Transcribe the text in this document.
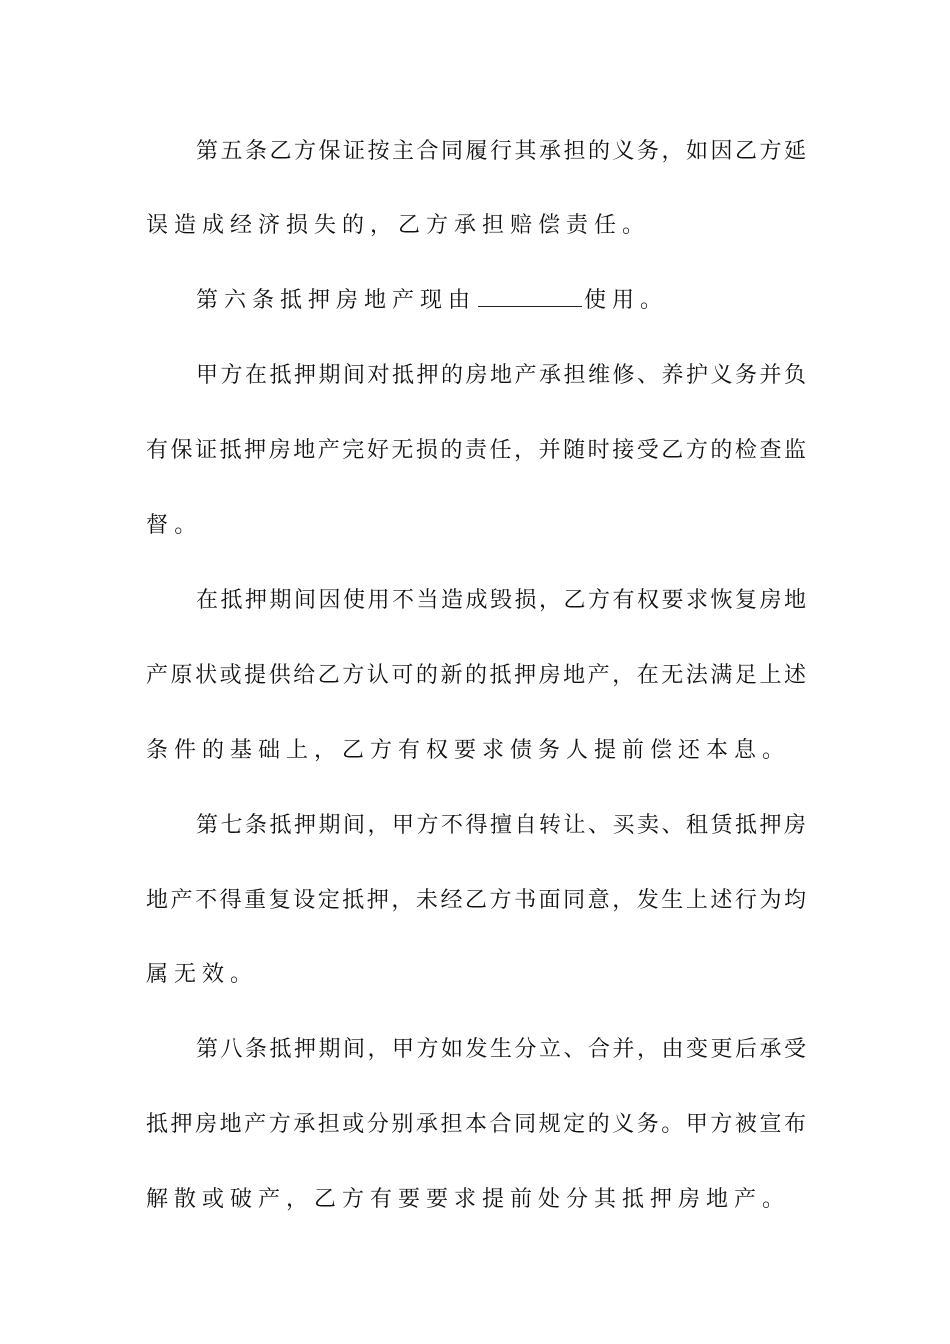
第五条乙方保证按主合同履行其承担的义务，如因乙方延
误造成经济损失的，乙方承担赔偿责任。
第六条抵押房地产现由	使用。
甲方在抵押期间对抵押的房地产承担维修、养护义务并负
有保证抵押房地产完好无损的责任，并随时接受乙方的检查监
督。
在抵押期间因使用不当造成毁损，乙方有权要求恢复房地
产原状或提供给乙方认可的新的抵押房地产，在无法满足上述
条件的基础上，乙方有权要求债务人提前偿还本息。
第七条抵押期间，甲方不得擅自转让、买卖、租赁抵押房
地产不得重复设定抵押，未经乙方书面同意，发生上述行为均
属无效。
第八条抵押期间，甲方如发生分立、合并，由变更后承受
抵押房地产方承担或分别承担本合同规定的义务。甲方被宣布
解散或破产，乙方有要要求提前处分其抵押房地产。
